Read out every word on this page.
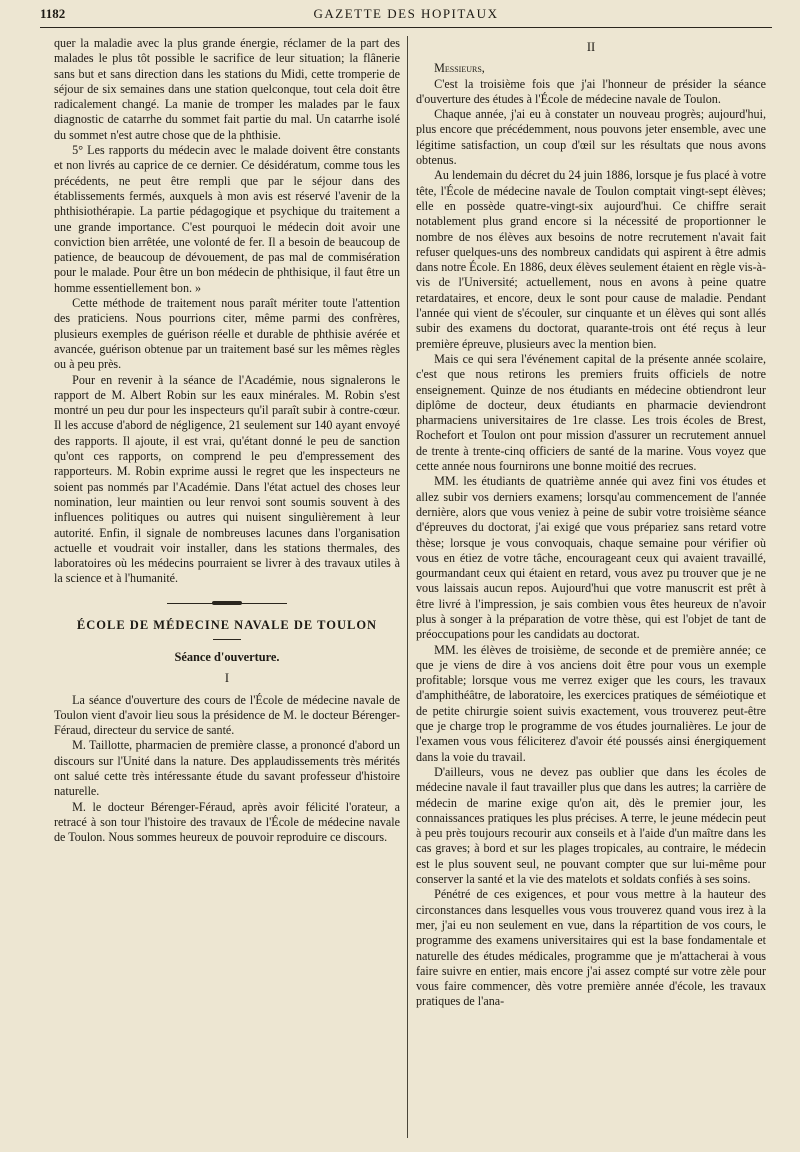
1182	GAZETTE DES HOPITAUX

quer la maladie avec la plus grande énergie, réclamer de la part des malades le plus tôt possible le sacrifice de leur situation; la flânerie sans but et sans direction dans les stations du Midi, cette tromperie de séjour de six semaines dans une station quelconque, tout cela doit être radicalement changé. La manie de tromper les malades par le faux diagnostic de catarrhe du sommet fait partie du mal. Un catarrhe isolé du sommet n'est autre chose que de la phthisie.

5° Les rapports du médecin avec le malade doivent être constants et non livrés au caprice de ce dernier. Ce désidératum, comme tous les précédents, ne peut être rempli que par le séjour dans des établissements fermés, auxquels à mon avis est réservé l'avenir de la phthisiothérapie. La partie pédagogique et psychique du traitement a une grande importance. C'est pourquoi le médecin doit avoir une conviction bien arrêtée, une volonté de fer. Il a besoin de beaucoup de patience, de beaucoup de dévouement, de pas mal de commisération pour le malade. Pour être un bon médecin de phthisique, il faut être un homme essentiellement bon. »

Cette méthode de traitement nous paraît mériter toute l'attention des praticiens. Nous pourrions citer, même parmi des confrères, plusieurs exemples de guérison réelle et durable de phthisie avérée et avancée, guérison obtenue par un traitement basé sur les mêmes règles ou à peu près.

Pour en revenir à la séance de l'Académie, nous signalerons le rapport de M. Albert Robin sur les eaux minérales. M. Robin s'est montré un peu dur pour les inspecteurs qu'il paraît subir à contre-cœur. Il les accuse d'abord de négligence, 21 seulement sur 140 ayant envoyé des rapports. Il ajoute, il est vrai, qu'étant donné le peu de sanction qu'ont ces rapports, on comprend le peu d'empressement des rapporteurs. M. Robin exprime aussi le regret que les inspecteurs ne soient pas nommés par l'Académie. Dans l'état actuel des choses leur nomination, leur maintien ou leur renvoi sont soumis souvent à des influences politiques ou autres qui nuisent singulièrement à leur autorité. Enfin, il signale de nombreuses lacunes dans l'organisation actuelle et voudrait voir installer, dans les stations thermales, des laboratoires où les médecins pourraient se livrer à des travaux utiles à la science et à l'humanité.

ÉCOLE DE MÉDECINE NAVALE DE TOULON
Séance d'ouverture.
I

La séance d'ouverture des cours de l'École de médecine navale de Toulon vient d'avoir lieu sous la présidence de M. le docteur Bérenger-Féraud, directeur du service de santé.

M. Taillotte, pharmacien de première classe, a prononcé d'abord un discours sur l'Unité dans la nature. Des applaudissements très mérités ont salué cette très intéressante étude du savant professeur d'histoire naturelle.

M. le docteur Bérenger-Féraud, après avoir félicité l'orateur, a retracé à son tour l'histoire des travaux de l'École de médecine navale de Toulon. Nous sommes heureux de pouvoir reproduire ce discours.

II

Messieurs,

C'est la troisième fois que j'ai l'honneur de présider la séance d'ouverture des études à l'École de médecine navale de Toulon.

Chaque année, j'ai eu à constater un nouveau progrès; aujourd'hui, plus encore que précédemment, nous pouvons jeter ensemble, avec une légitime satisfaction, un coup d'œil sur les résultats que nous avons obtenus.

Au lendemain du décret du 24 juin 1886, lorsque je fus placé à votre tête, l'École de médecine navale de Toulon comptait vingt-sept élèves; elle en possède quatre-vingt-six aujourd'hui. Ce chiffre serait notablement plus grand encore si la nécessité de proportionner le nombre de nos élèves aux besoins de notre recrutement n'avait fait refuser quelques-uns des nombreux candidats qui aspirent à être admis dans notre École. En 1886, deux élèves seulement étaient en règle vis-à-vis de l'Université; actuellement, nous en avons à peine quatre retardataires, et encore, deux le sont pour cause de maladie. Pendant l'année qui vient de s'écouler, sur cinquante et un élèves qui sont allés subir des examens du doctorat, quarante-trois ont été reçus à leur première épreuve, plusieurs avec la mention bien.

Mais ce qui sera l'événement capital de la présente année scolaire, c'est que nous retirons les premiers fruits officiels de notre enseignement. Quinze de nos étudiants en médecine obtiendront leur diplôme de docteur, deux étudiants en pharmacie deviendront pharmaciens universitaires de 1re classe. Les trois écoles de Brest, Rochefort et Toulon ont pour mission d'assurer un recrutement annuel de trente à trente-cinq officiers de santé de la marine. Vous voyez que cette année nous fournirons une bonne moitié des recrues.

MM. les étudiants de quatrième année qui avez fini vos études et allez subir vos derniers examens; lorsqu'au commencement de l'année dernière, alors que vous veniez à peine de subir votre troisième séance d'épreuves du doctorat, j'ai exigé que vous prépariez sans retard votre thèse; lorsque je vous convoquais, chaque semaine pour vérifier où vous en étiez de votre tâche, encourageant ceux qui avaient travaillé, gourmandant ceux qui étaient en retard, vous avez pu trouver que je ne vous laissais aucun repos. Aujourd'hui que votre manuscrit est prêt à être livré à l'impression, je sais combien vous êtes heureux de n'avoir plus à songer à la préparation de votre thèse, qui est l'objet de tant de préoccupations pour les candidats au doctorat.

MM. les élèves de troisième, de seconde et de première année; ce que je viens de dire à vos anciens doit être pour vous un exemple profitable; lorsque vous me verrez exiger que les cours, les travaux d'amphithéâtre, de laboratoire, les exercices pratiques de séméiotique et de petite chirurgie soient suivis exactement, vous trouverez peut-être que je charge trop le programme de vos études journalières. Le jour de l'examen vous vous féliciterez d'avoir été poussés ainsi énergiquement dans la voie du travail.

D'ailleurs, vous ne devez pas oublier que dans les écoles de médecine navale il faut travailler plus que dans les autres; la carrière de médecin de marine exige qu'on ait, dès le premier jour, les connaissances pratiques les plus précises. A terre, le jeune médecin peut à peu près toujours recourir aux conseils et à l'aide d'un maître dans les cas graves; à bord et sur les plages tropicales, au contraire, le médecin est le plus souvent seul, ne pouvant compter que sur lui-même pour conserver la santé et la vie des matelots et soldats confiés à ses soins.

Pénétré de ces exigences, et pour vous mettre à la hauteur des circonstances dans lesquelles vous vous trouverez quand vous irez à la mer, j'ai eu non seulement en vue, dans la répartition de vos cours, le programme des examens universitaires qui est la base fondamentale et naturelle des études médicales, programme que je m'attacherai à vous faire suivre en entier, mais encore j'ai assez compté sur votre zèle pour vous faire commencer, dès votre première année d'école, les travaux pratiques de l'ana-
